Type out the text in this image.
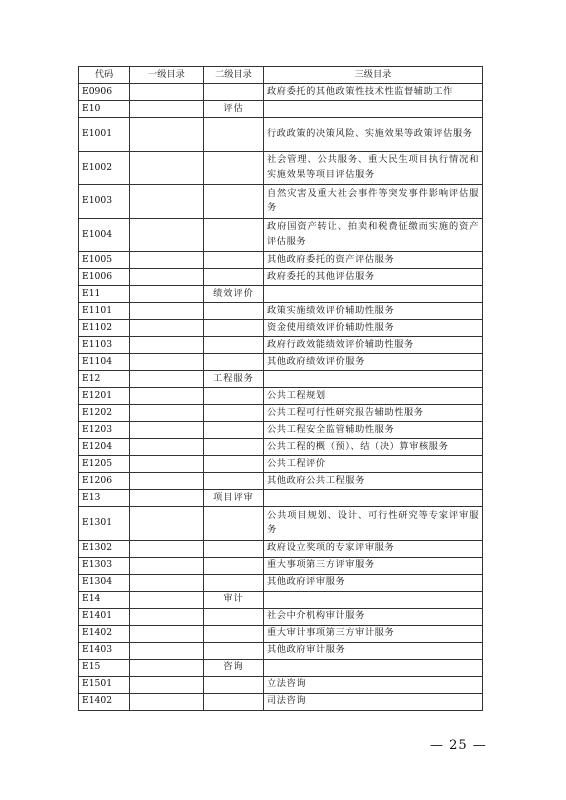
代码	一级目录	二级目录	三级目录
E0906			政府委托的其他政策性技术性监督辅助工作
E10		评估	
E1001			行政政策的决策风险、实施效果等政策评估服务
E1002			社会管理、公共服务、重大民生项目执行情况和实施效果等项目评估服务
E1003			自然灾害及重大社会事件等突发事件影响评估服务
E1004			政府国资产转让、拍卖和税费征缴而实施的资产评估服务
E1005			其他政府委托的资产评估服务
E1006			政府委托的其他评估服务
E11		绩效评价	
E1101			政策实施绩效评价辅助性服务
E1102			资金使用绩效评价辅助性服务
E1103			政府行政效能绩效评价辅助性服务
E1104			其他政府绩效评价服务
E12		工程服务	
E1201			公共工程规划
E1202			公共工程可行性研究报告辅助性服务
E1203			公共工程安全监管辅助性服务
E1204			公共工程的概（预）、结（决）算审核服务
E1205			公共工程评价
E1206			其他政府公共工程服务
E13		项目评审	
E1301			公共项目规划、设计、可行性研究等专家评审服务
E1302			政府设立奖项的专家评审服务
E1303			重大事项第三方评审服务
E1304			其他政府评审服务
E14		审计	
E1401			社会中介机构审计服务
E1402			重大审计事项第三方审计服务
E1403			其他政府审计服务
E15		咨询	
E1501			立法咨询
E1402			司法咨询
— 25 —
